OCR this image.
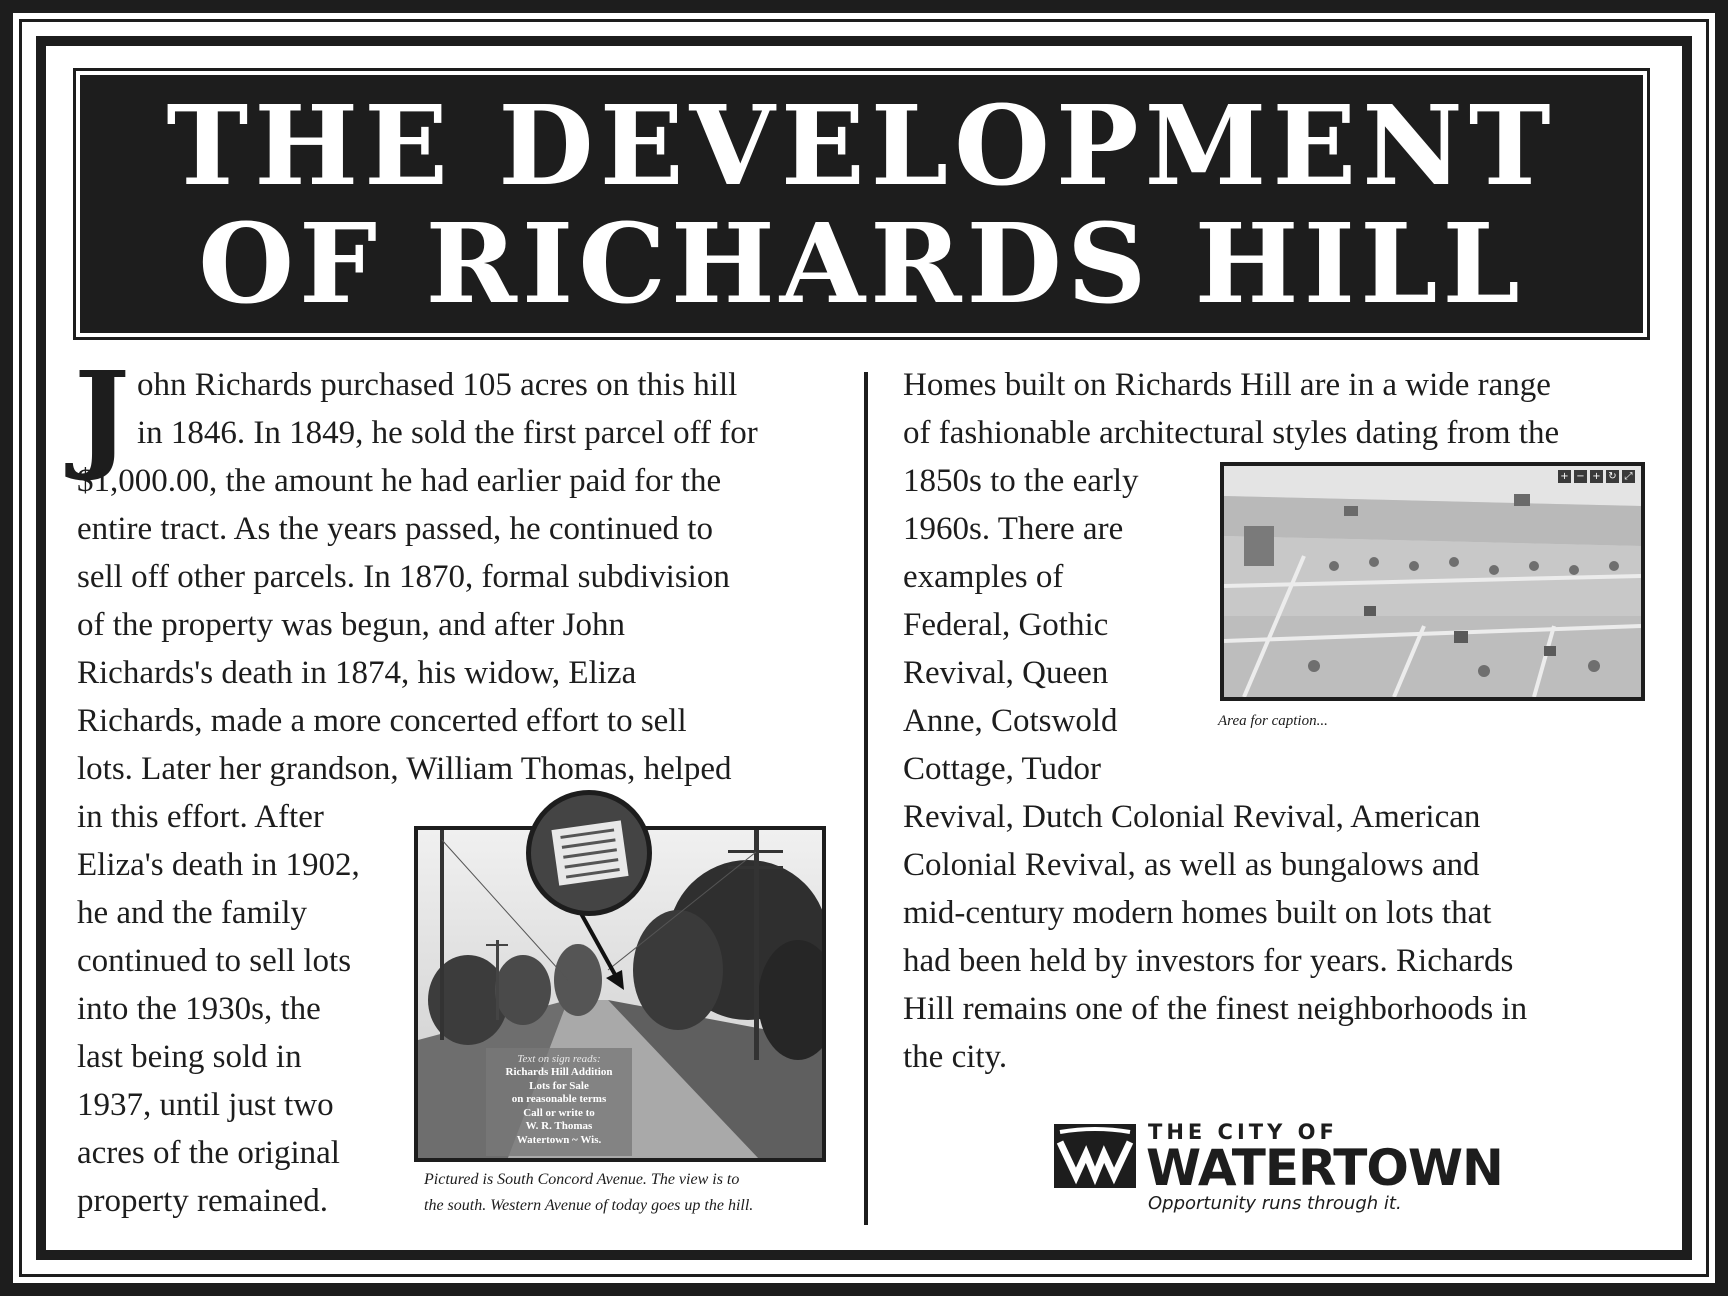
THE DEVELOPMENT
OF RICHARDS HILL
J ohn Richards purchased 105 acres on this hill
in 1846. In 1849, he sold the first parcel off for
$1,000.00, the amount he had earlier paid for the
entire tract. As the years passed, he continued to
sell off other parcels. In 1870, formal subdivision
of the property was begun, and after John
Richards's death in 1874, his widow, Eliza
Richards, made a more concerted effort to sell
lots. Later her grandson, William Thomas, helped
in this effort. After
Eliza's death in 1902,
he and the family
continued to sell lots
into the 1930s, the
last being sold in
1937, until just two
acres of the original
property remained.
Text on sign reads:
Richards Hill Addition
Lots for Sale
on reasonable terms
Call or write to
W. R. Thomas
Watertown ~ Wis.
Pictured is South Concord Avenue. The view is to
the south. Western Avenue of today goes up the hill.
Homes built on Richards Hill are in a wide range
of fashionable architectural styles dating from the
1850s to the early
1960s. There are
examples of
Federal, Gothic
Revival, Queen
Anne, Cotswold
Cottage, Tudor
Revival, Dutch Colonial Revival, American
Colonial Revival, as well as bungalows and
mid-century modern homes built on lots that
had been held by investors for years. Richards
Hill remains one of the finest neighborhoods in
the city.
+ − + ↻ ⤢
Area for caption...
THE CITY OF
WATERTOWN
Opportunity runs through it.
